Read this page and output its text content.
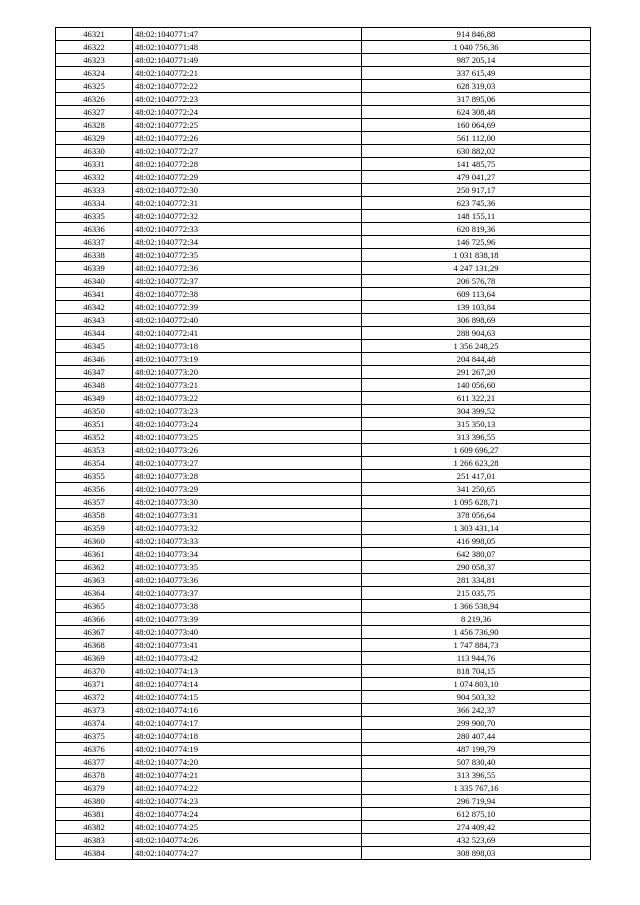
46321	48:02:1040771:47	914 846,88
46322	48:02:1040771:48	1 040 756,36
46323	48:02:1040771:49	987 205,14
46324	48:02:1040772:21	337 615,49
46325	48:02:1040772:22	628 319,03
46326	48:02:1040772:23	317 895,06
46327	48:02:1040772:24	624 308,48
46328	48:02:1040772:25	160 064,69
46329	48:02:1040772:26	561 112,00
46330	48:02:1040772:27	630 882,02
46331	48:02:1040772:28	141 485,75
46332	48:02:1040772:29	479 041,27
46333	48:02:1040772:30	250 917,17
46334	48:02:1040772:31	623 745,36
46335	48:02:1040772:32	148 155,11
46336	48:02:1040772:33	620 819,36
46337	48:02:1040772:34	146 725,96
46338	48:02:1040772:35	1 031 838,18
46339	48:02:1040772:36	4 247 131,29
46340	48:02:1040772:37	206 576,78
46341	48:02:1040772:38	609 113,64
46342	48:02:1040772:39	139 103,84
46343	48:02:1040772:40	306 898,69
46344	48:02:1040772:41	288 904,63
46345	48:02:1040773:18	1 356 248,25
46346	48:02:1040773:19	204 844,48
46347	48:02:1040773:20	291 267,20
46348	48:02:1040773:21	140 056,60
46349	48:02:1040773:22	611 322,21
46350	48:02:1040773:23	304 399,52
46351	48:02:1040773:24	315 350,13
46352	48:02:1040773:25	313 396,55
46353	48:02:1040773:26	1 609 696,27
46354	48:02:1040773:27	1 266 623,28
46355	48:02:1040773:28	251 417,01
46356	48:02:1040773:29	341 250,65
46357	48:02:1040773:30	1 095 628,71
46358	48:02:1040773:31	378 056,64
46359	48:02:1040773:32	1 303 431,14
46360	48:02:1040773:33	416 998,05
46361	48:02:1040773:34	642 380,07
46362	48:02:1040773:35	290 058,37
46363	48:02:1040773:36	281 334,81
46364	48:02:1040773:37	215 035,75
46365	48:02:1040773:38	1 366 538,94
46366	48:02:1040773:39	8 219,36
46367	48:02:1040773:40	1 456 736,90
46368	48:02:1040773:41	1 747 884,73
46369	48:02:1040773:42	113 944,76
46370	48:02:1040774:13	818 704,15
46371	48:02:1040774:14	1 074 803,10
46372	48:02:1040774:15	904 503,32
46373	48:02:1040774:16	366 242,37
46374	48:02:1040774:17	299 900,70
46375	48:02:1040774:18	280 407,44
46376	48:02:1040774:19	487 199,79
46377	48:02:1040774:20	507 830,40
46378	48:02:1040774:21	313 396,55
46379	48:02:1040774:22	1 335 767,16
46380	48:02:1040774:23	296 719,94
46381	48:02:1040774:24	612 875,10
46382	48:02:1040774:25	274 409,42
46383	48:02:1040774:26	432 523,69
46384	48:02:1040774:27	308 898,03
